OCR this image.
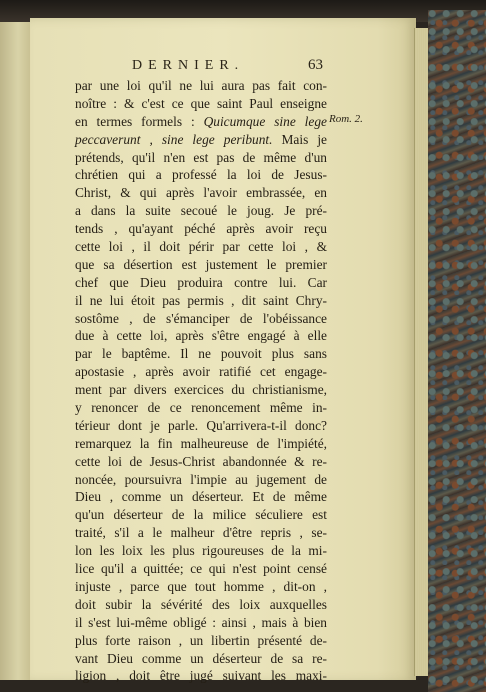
DERNIER.	63
Rom. 2.
par une loi qu'il ne lui aura pas fait con-
noître : & c'est ce que saint Paul enseigne
en termes formels : Quicumque sine lege
peccaverunt , sine lege peribunt. Mais je
prétends, qu'il n'en est pas de même d'un
chrétien qui a professé la loi de Jesus-
Christ, & qui après l'avoir embrassée, en
a dans la suite secoué le joug. Je pré-
tends , qu'ayant péché après avoir reçu
cette loi , il doit périr par cette loi , &
que sa désertion est justement le premier
chef que Dieu produira contre lui. Car
il ne lui étoit pas permis , dit saint Chry-
sostôme , de s'émanciper de l'obéissance
due à cette loi, après s'être engagé à elle
par le baptême. Il ne pouvoit plus sans
apostasie , après avoir ratifié cet engage-
ment par divers exercices du christianisme,
y renoncer de ce renoncement même in-
térieur dont je parle. Qu'arrivera-t-il donc?
remarquez la fin malheureuse de l'impiété,
cette loi de Jesus-Christ abandonnée & re-
noncée, poursuivra l'impie au jugement de
Dieu , comme un déserteur. Et de même
qu'un déserteur de la milice séculiere est
traité, s'il a le malheur d'être repris , se-
lon les loix les plus rigoureuses de la mi-
lice qu'il a quittée; ce qui n'est point censé
injuste , parce que tout homme , dit-on ,
doit subir la sévérité des loix auxquelles
il s'est lui-même obligé : ainsi , mais à bien
plus forte raison , un libertin présenté de-
vant Dieu comme un déserteur de sa re-
ligion , doit être jugé suivant les maxi-
